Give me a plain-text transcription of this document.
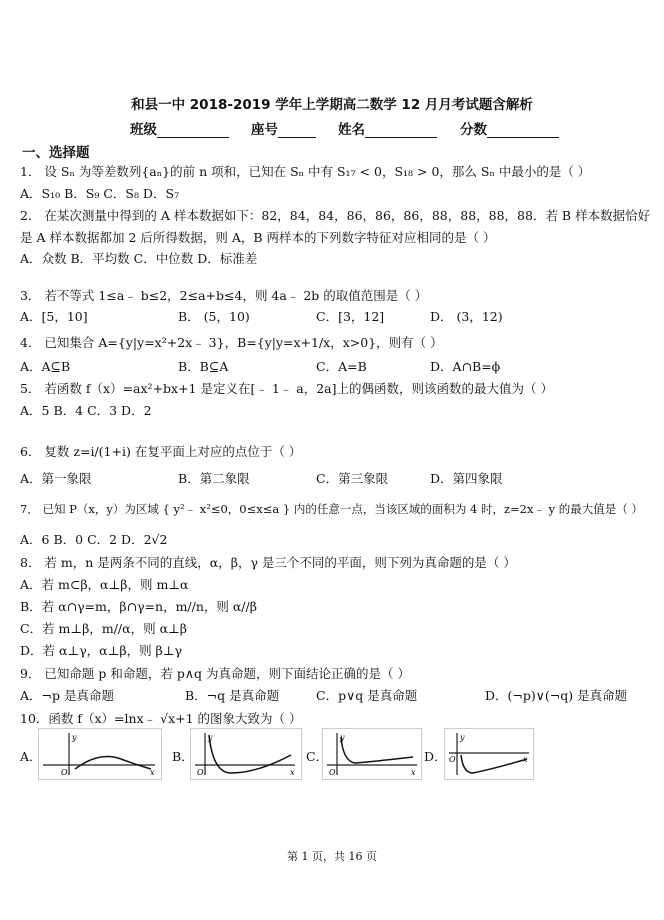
和县一中 2018-2019 学年上学期高二数学 12 月月考试题含解析
班级	座号	姓名	分数
一、选择题
1． 设 Sₙ 为等差数列{aₙ}的前 n 项和，已知在 Sₙ 中有 S₁₇ < 0，S₁₈ > 0，那么 Sₙ 中最小的是（ ）
A．S₁₀ B．S₉ C．S₈ D．S₇
2． 在某次测量中得到的 A 样本数据如下：82，84，84，86，86，86，88，88，88，88．若 B 样本数据恰好
是 A 样本数据都加 2 后所得数据，则 A，B 两样本的下列数字特征对应相同的是（ ）
A．众数 B．平均数 C．中位数 D．标准差
3． 若不等式 1≤a﹣ b≤2，2≤a+b≤4，则 4a﹣ 2b 的取值范围是（ ）
A．[5，10]	B． (5，10)	C．[3，12]	D． (3，12)
4． 已知集合 A={y|y=x²+2x﹣ 3}，B={y|y=x+1/x，x>0}，则有（ ）
A．A⊆B	B．B⊆A	C．A=B	D．A∩B=ϕ
5． 若函数 f（x）=ax²+bx+1 是定义在[﹣ 1﹣ a，2a]上的偶函数，则该函数的最大值为（ ）
A．5 B．4 C．3 D．2
6． 复数 z=i/(1+i) 在复平面上对应的点位于（ ）
A．第一象限	B．第二象限	C．第三象限	D．第四象限
7． 已知 P（x，y）为区域 { y²﹣ x²≤0，0≤x≤a } 内的任意一点，当该区域的面积为 4 时，z=2x﹣ y 的最大值是（ ）
A．6 B．0 C．2 D．2√2
8． 若 m，n 是两条不同的直线，α，β，γ 是三个不同的平面，则下列为真命题的是（ ）
A．若 m⊂β，α⊥β，则 m⊥α
B．若 α∩γ=m，β∩γ=n，m//n，则 α//β
C．若 m⊥β，m//α，则 α⊥β
D．若 α⊥γ，α⊥β，则 β⊥γ
9． 已知命题 p 和命题，若 p∧q 为真命题，则下面结论正确的是（ ）
A．¬p 是真命题	B．¬q 是真命题	C．p∨q 是真命题	D．(¬p)∨(¬q) 是真命题
10．函数 f（x）=lnx﹣ √x+1 的图象大致为（ ）
A．
y
x
O
B．
y
x
O
C．
y
x
O
D．
y
x
O
第 1 页，共 16 页
